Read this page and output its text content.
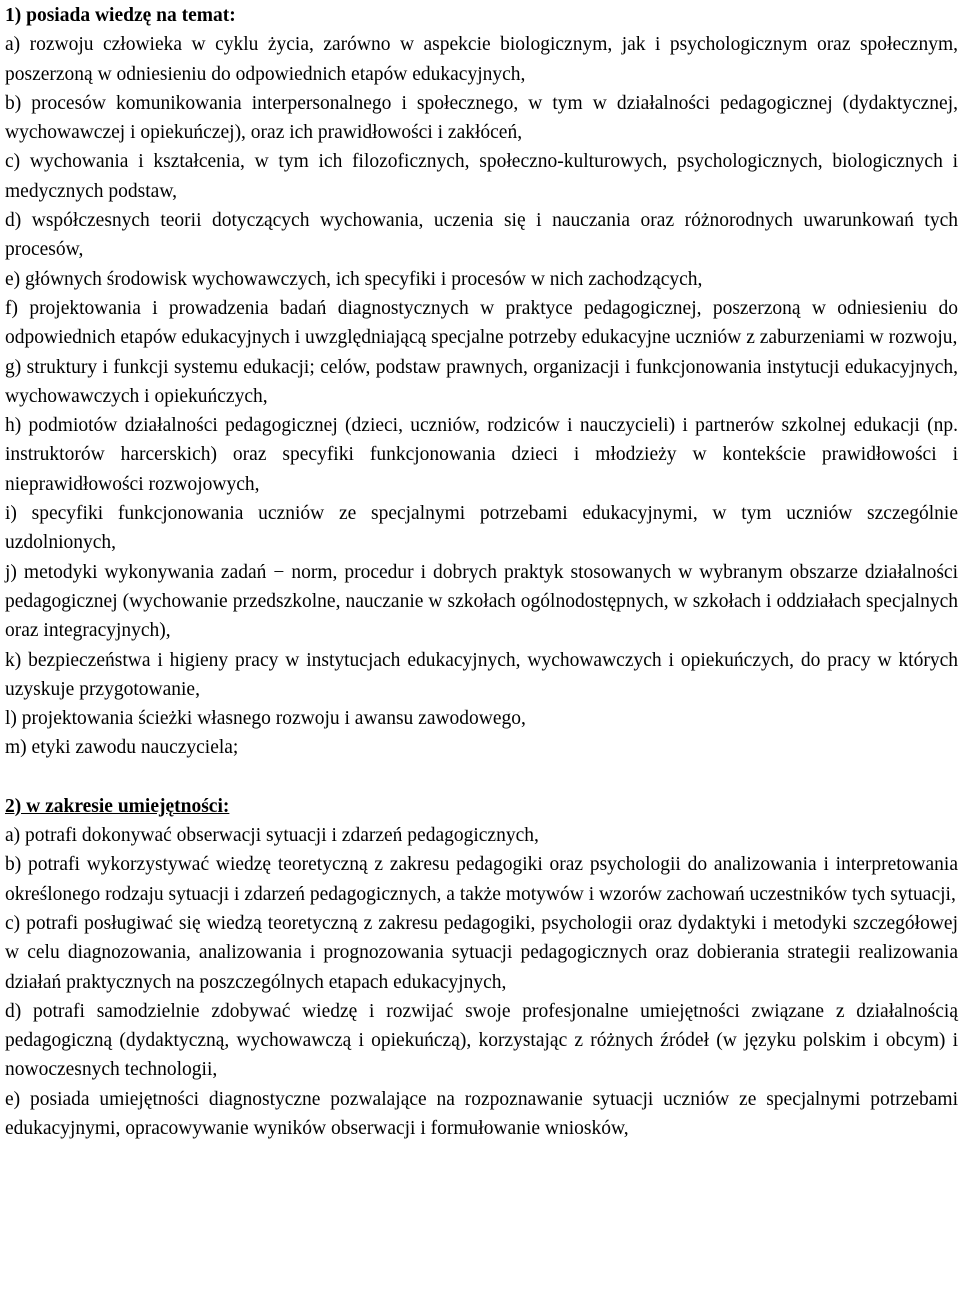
1) posiada wiedzę na temat:

a) rozwoju człowieka w cyklu życia, zarówno w aspekcie biologicznym, jak i psychologicznym oraz społecznym, poszerzoną w odniesieniu do odpowiednich etapów edukacyjnych,

b) procesów komunikowania interpersonalnego i społecznego, w tym w działalności pedagogicznej (dydaktycznej, wychowawczej i opiekuńczej), oraz ich prawidłowości i zakłóceń,

c) wychowania i kształcenia, w tym ich filozoficznych, społeczno-kulturowych, psychologicznych, biologicznych i medycznych podstaw,

d) współczesnych teorii dotyczących wychowania, uczenia się i nauczania oraz różnorodnych uwarunkowań tych procesów,

e) głównych środowisk wychowawczych, ich specyfiki i procesów w nich zachodzących,

f) projektowania i prowadzenia badań diagnostycznych w praktyce pedagogicznej, poszerzoną w odniesieniu do odpowiednich etapów edukacyjnych i uwzględniającą specjalne potrzeby edukacyjne uczniów z zaburzeniami w rozwoju,

g) struktury i funkcji systemu edukacji; celów, podstaw prawnych, organizacji i funkcjonowania instytucji edukacyjnych, wychowawczych i opiekuńczych,

h) podmiotów działalności pedagogicznej (dzieci, uczniów, rodziców i nauczycieli) i partnerów szkolnej edukacji (np. instruktorów harcerskich) oraz specyfiki funkcjonowania dzieci i młodzieży w kontekście prawidłowości i nieprawidłowości rozwojowych,

i) specyfiki funkcjonowania uczniów ze specjalnymi potrzebami edukacyjnymi, w tym uczniów szczególnie uzdolnionych,

j) metodyki wykonywania zadań − norm, procedur i dobrych praktyk stosowanych w wybranym obszarze działalności pedagogicznej (wychowanie przedszkolne, nauczanie w szkołach ogólnodostępnych, w szkołach i oddziałach specjalnych oraz integracyjnych),

k) bezpieczeństwa i higieny pracy w instytucjach edukacyjnych, wychowawczych i opiekuńczych, do pracy w których uzyskuje przygotowanie,

l) projektowania ścieżki własnego rozwoju i awansu zawodowego,

m) etyki zawodu nauczyciela;

2) w zakresie umiejętności:

a) potrafi dokonywać obserwacji sytuacji i zdarzeń pedagogicznych,

b) potrafi wykorzystywać wiedzę teoretyczną z zakresu pedagogiki oraz psychologii do analizowania i interpretowania określonego rodzaju sytuacji i zdarzeń pedagogicznych, a także motywów i wzorów zachowań uczestników tych sytuacji,

c) potrafi posługiwać się wiedzą teoretyczną z zakresu pedagogiki, psychologii oraz dydaktyki i metodyki szczegółowej w celu diagnozowania, analizowania i prognozowania sytuacji pedagogicznych oraz dobierania strategii realizowania działań praktycznych na poszczególnych etapach edukacyjnych,

d) potrafi samodzielnie zdobywać wiedzę i rozwijać swoje profesjonalne umiejętności związane z działalnością pedagogiczną (dydaktyczną, wychowawczą i opiekuńczą), korzystając z różnych źródeł (w języku polskim i obcym) i nowoczesnych technologii,

e) posiada umiejętności diagnostyczne pozwalające na rozpoznawanie sytuacji uczniów ze specjalnymi potrzebami edukacyjnymi, opracowywanie wyników obserwacji i formułowanie wniosków,
